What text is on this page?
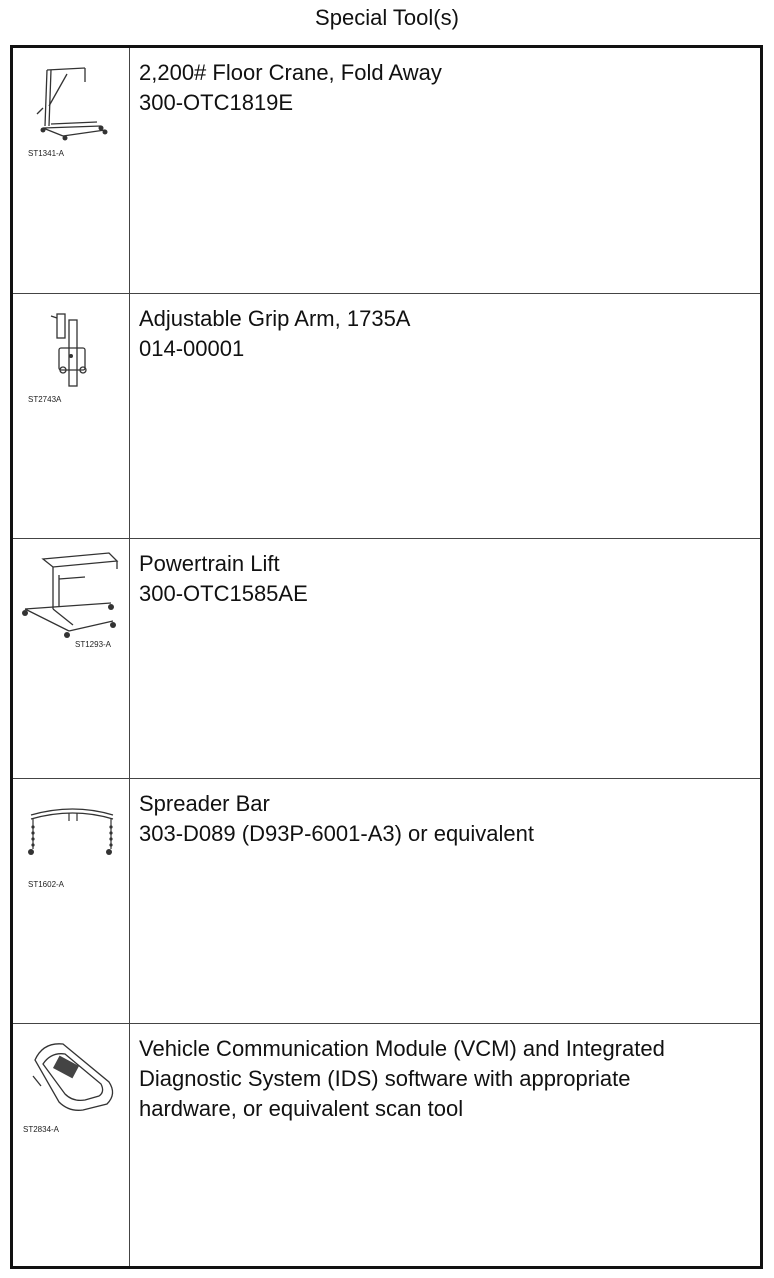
Special Tool(s)
ST1341-A
2,200# Floor Crane, Fold Away
300-OTC1819E
ST2743A
Adjustable Grip Arm, 1735A
014-00001
ST1293-A
Powertrain Lift
300-OTC1585AE
ST1602-A
Spreader Bar
303-D089 (D93P-6001-A3) or equivalent
ST2834-A
Vehicle Communication Module (VCM) and Integrated
Diagnostic System (IDS) software with appropriate
hardware, or equivalent scan tool
